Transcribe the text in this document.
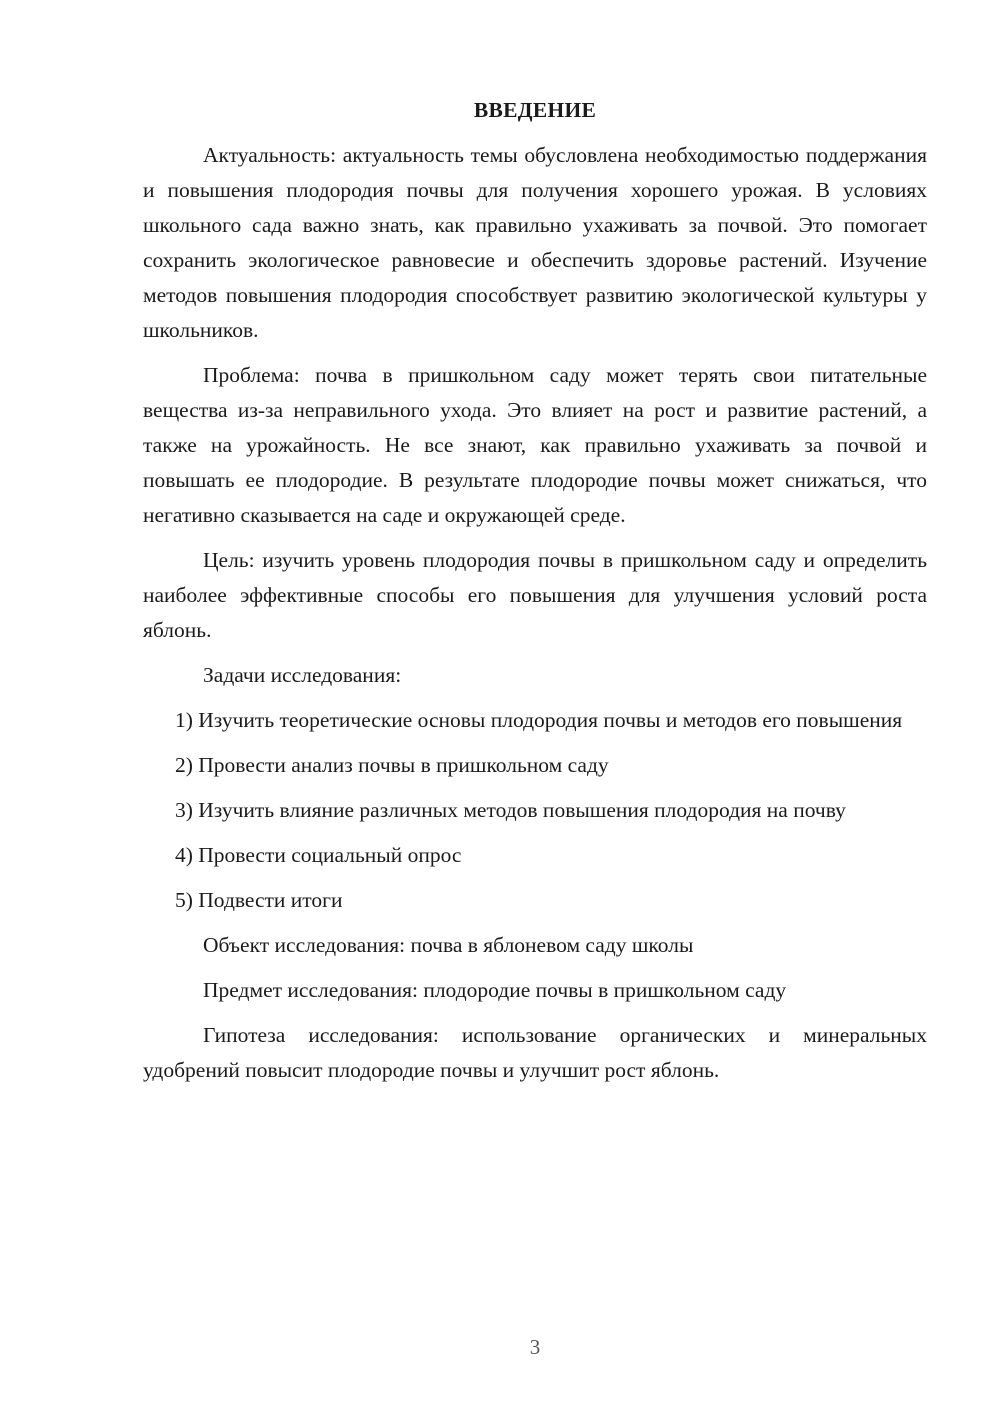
ВВЕДЕНИЕ

Актуальность: актуальность темы обусловлена необходимостью поддержания и повышения плодородия почвы для получения хорошего урожая. В условиях школьного сада важно знать, как правильно ухаживать за почвой. Это помогает сохранить экологическое равновесие и обеспечить здоровье растений. Изучение методов повышения плодородия способствует развитию экологической культуры у школьников.

Проблема: почва в пришкольном саду может терять свои питательные вещества из-за неправильного ухода. Это влияет на рост и развитие растений, а также на урожайность. Не все знают, как правильно ухаживать за почвой и повышать ее плодородие. В результате плодородие почвы может снижаться, что негативно сказывается на саде и окружающей среде.

Цель: изучить уровень плодородия почвы в пришкольном саду и определить наиболее эффективные способы его повышения для улучшения условий роста яблонь.

Задачи исследования:

1) Изучить теоретические основы плодородия почвы и методов его повышения

2) Провести анализ почвы в пришкольном саду

3) Изучить влияние различных методов повышения плодородия на почву

4) Провести социальный опрос

5) Подвести итоги

Объект исследования: почва в яблоневом саду школы

Предмет исследования: плодородие почвы в пришкольном саду

Гипотеза исследования: использование органических и минеральных удобрений повысит плодородие почвы и улучшит рост яблонь.

3
